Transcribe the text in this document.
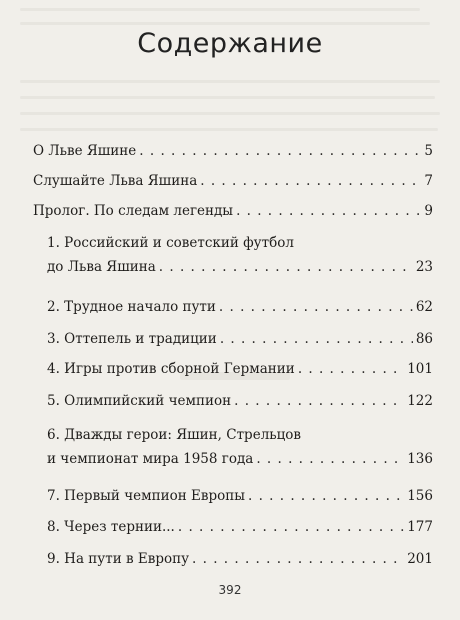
Содержание
О Льве Яшине . . .	5
Слушайте Льва Яшина . . .	7
Пролог. По следам легенды . . .	9
1. Российский и советский футбол
до Льва Яшина . . .	23
2. Трудное начало пути . . .	62
3. Оттепель и традиции . . .	86
4. Игры против сборной Германии . . .	101
5. Олимпийский чемпион . . .	122
6. Дважды герои: Яшин, Стрельцов
и чемпионат мира 1958 года . . .	136
7. Первый чемпион Европы . . .	156
8. Через тернии... . . .	177
9. На пути в Европу . . .	201
392
